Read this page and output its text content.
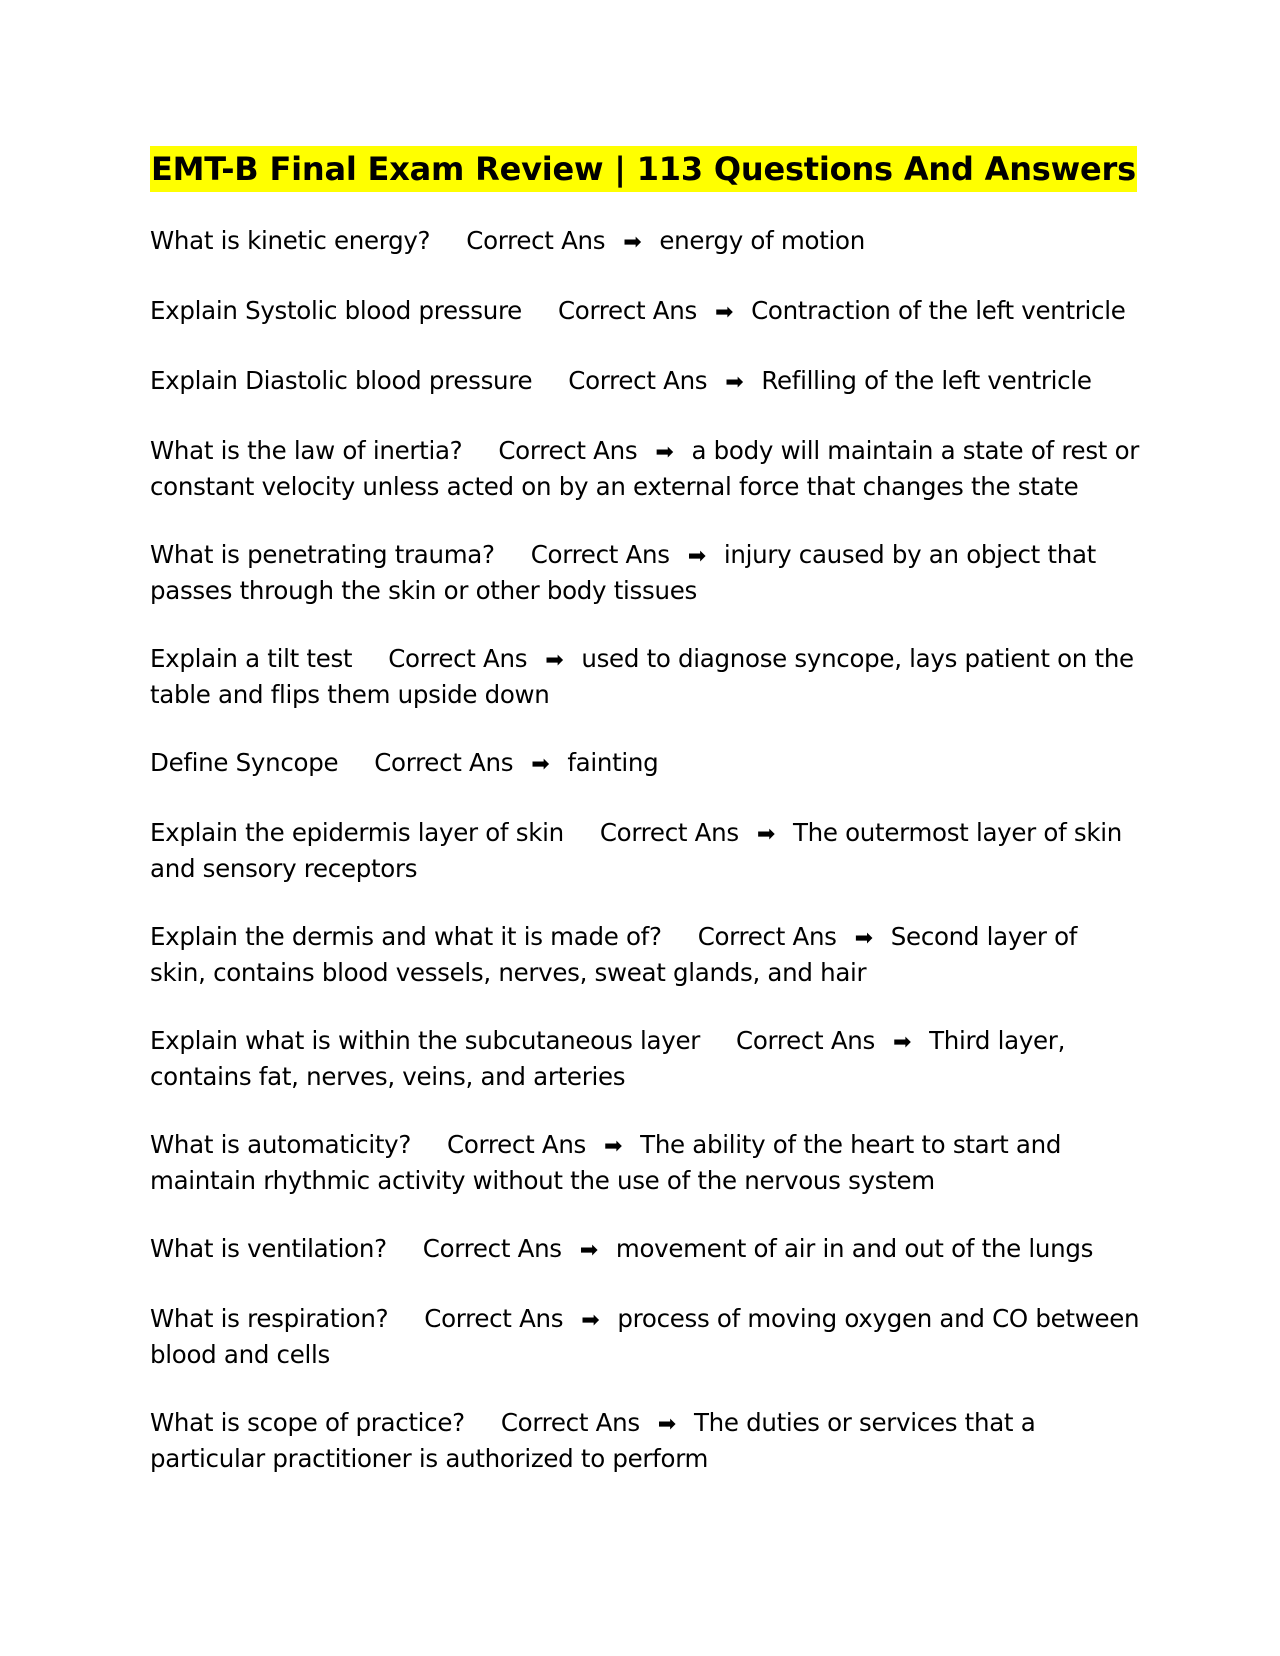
EMT-B Final Exam Review | 113 Questions And Answers

What is kinetic energy? Correct Ans ➡ energy of motion

Explain Systolic blood pressure Correct Ans ➡ Contraction of the left ventricle

Explain Diastolic blood pressure Correct Ans ➡ Refilling of the left ventricle

What is the law of inertia? Correct Ans ➡ a body will maintain a state of rest or constant velocity unless acted on by an external force that changes the state

What is penetrating trauma? Correct Ans ➡ injury caused by an object that passes through the skin or other body tissues

Explain a tilt test Correct Ans ➡ used to diagnose syncope, lays patient on the table and flips them upside down

Define Syncope Correct Ans ➡ fainting

Explain the epidermis layer of skin Correct Ans ➡ The outermost layer of skin and sensory receptors

Explain the dermis and what it is made of? Correct Ans ➡ Second layer of skin, contains blood vessels, nerves, sweat glands, and hair

Explain what is within the subcutaneous layer Correct Ans ➡ Third layer, contains fat, nerves, veins, and arteries

What is automaticity? Correct Ans ➡ The ability of the heart to start and maintain rhythmic activity without the use of the nervous system

What is ventilation? Correct Ans ➡ movement of air in and out of the lungs

What is respiration? Correct Ans ➡ process of moving oxygen and CO between blood and cells

What is scope of practice? Correct Ans ➡ The duties or services that a particular practitioner is authorized to perform
